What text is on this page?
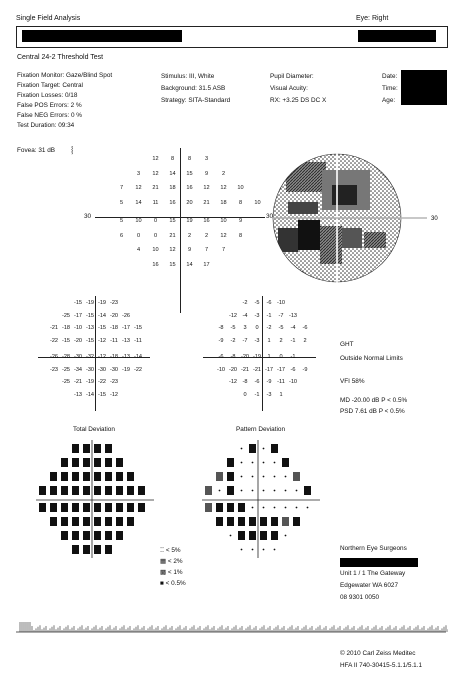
Single Field Analysis	Eye: Right
Central 24-2 Threshold Test
Fixation Monitor: Gaze/Blind Spot
Fixation Target: Central
Fixation Losses: 0/18
False POS Errors: 2 %
False NEG Errors: 0 %
Test Duration: 09:34
Stimulus: III, White
Background: 31.5 ASB
Strategy: SITA-Standard
Pupil Diameter:
Visual Acuity:
RX: +3.25 DS DC X
Date:
Time:
Age:
Fovea: 31 dB ⸾
30	30
12	8	8	3
3	12	14	15	9	2
7	12	21	18	16	12	12	10
5	14	11	16	20	21	18	8	10
5	10	0	15	19	16	10	9
6	0	0	21	2	2	12	8
4	10	12	9	7	7
16	15	14	17
30
-15 -19 -19 -23
-25 -17 -15 -14 -20 -26
-21 -18 -10 -13 -15 -18 -17 -15
-22 -15 -20 -15 -12 -11 -13 -11
-26 -28 -30 -32 -12 -18 -13 -14
-23 -25 -34 -30 -30 -30 -19 -22
-25 -21 -19 -22 -23
-13 -14 -15 -12
-2	-5	-6 -10
-12 -4	-3	-1	-7 -13
-8	-5	3	0	-2	-5	-4	-6
-9	-2	-7	-3	1	2	-1	2
-6	-8 -20 -19	1	0	-1
-10 -20 -21 -21 -17 -17 -6	-9
-12 -8	-6	-9	-11 -10
0	-1	-3	1
GHT
Outside Normal Limits
VFI 58%
MD -20.00 dB P < 0.5%
PSD 7.61 dB P < 0.5%
Total Deviation	Pattern Deviation
⁚⁚ < 5%
▦ < 2%
▩ < 1%
■ < 0.5%
Northern Eye Surgeons
Unit 1 / 1 The Gateway
Edgewater WA 6027
08 9301 0050
© 2010 Carl Zeiss Meditec
HFA II 740-30415-5.1.1/5.1.1
